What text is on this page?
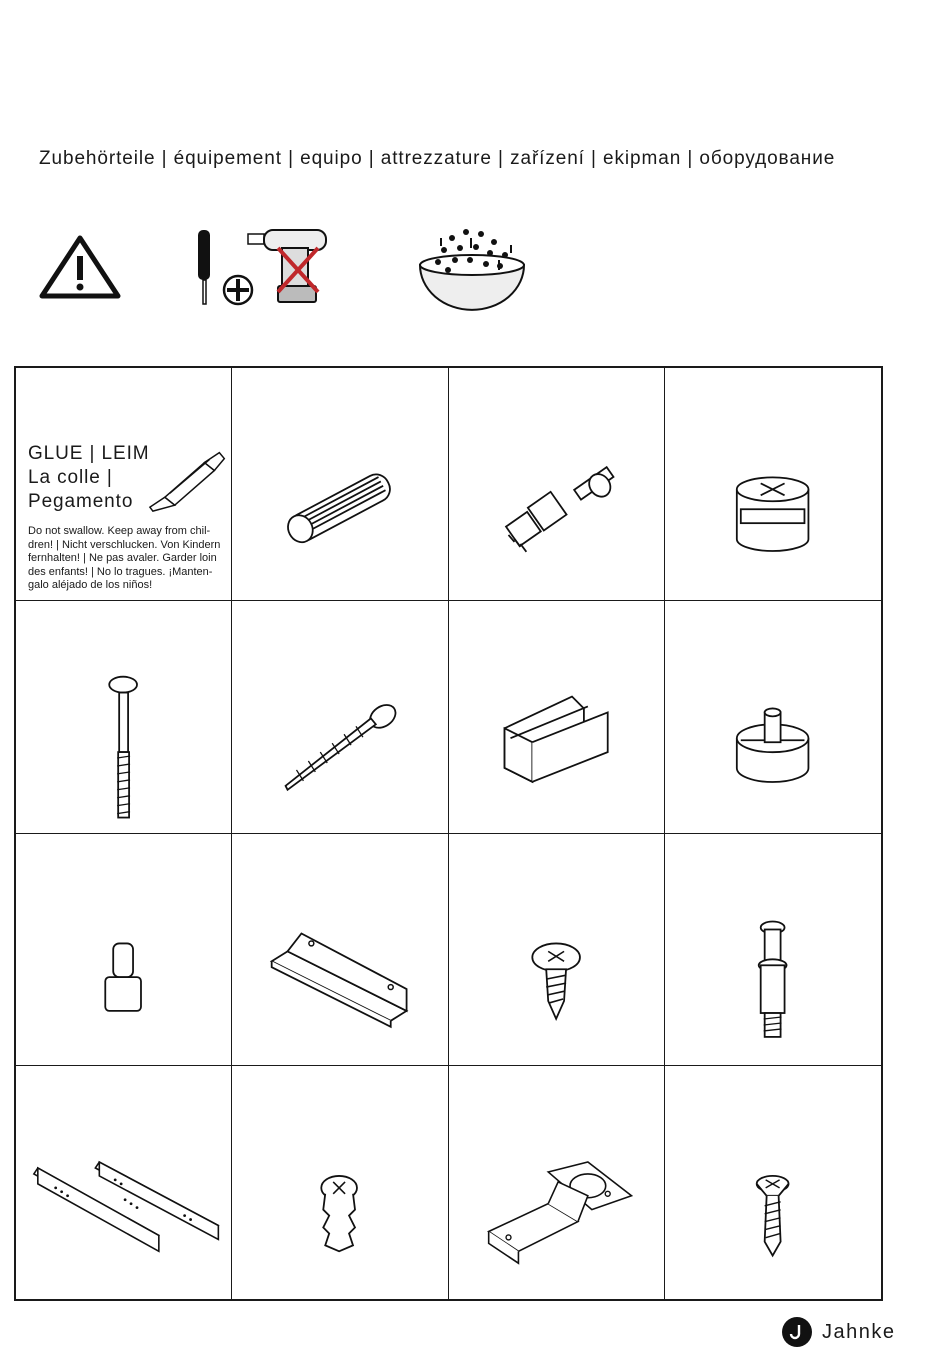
Zubehörteile | équipement | equipo | attrezzature | zařízení | ekipman | оборудование
GLUE | LEIM
La colle |
Pegamento
Do not swallow. Keep away from chil-dren! | Nicht verschlucken. Von Kindern fernhalten! | Ne pas avaler. Garder loin des enfants! | No lo tragues. ¡Manten-galo aléjado de los niños!
Jahnke
